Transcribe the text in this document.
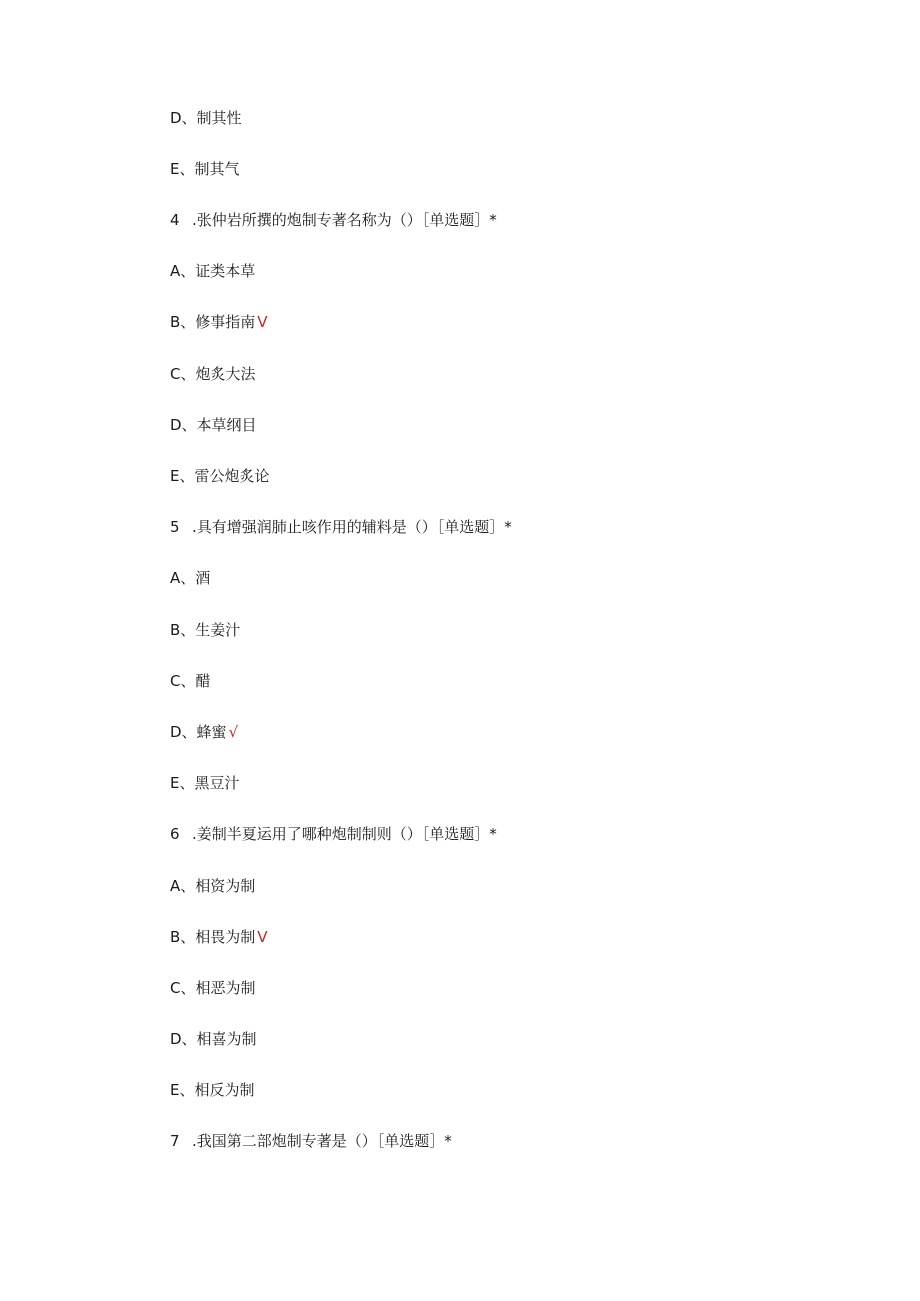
D、制其性
E、制其气
4 .张仲岩所撰的炮制专著名称为（）［单选题］*
A、证类本草
B、修事指南 V
C、炮炙大法
D、本草纲目
E、雷公炮炙论
5 .具有增强润肺止咳作用的辅料是（）［单选题］*
A、酒
B、生姜汁
C、醋
D、蜂蜜 √
E、黑豆汁
6 .姜制半夏运用了哪种炮制制则（）［单选题］*
A、相资为制
B、相畏为制 V
C、相恶为制
D、相喜为制
E、相反为制
7 .我国第二部炮制专著是（）［单选题］*
